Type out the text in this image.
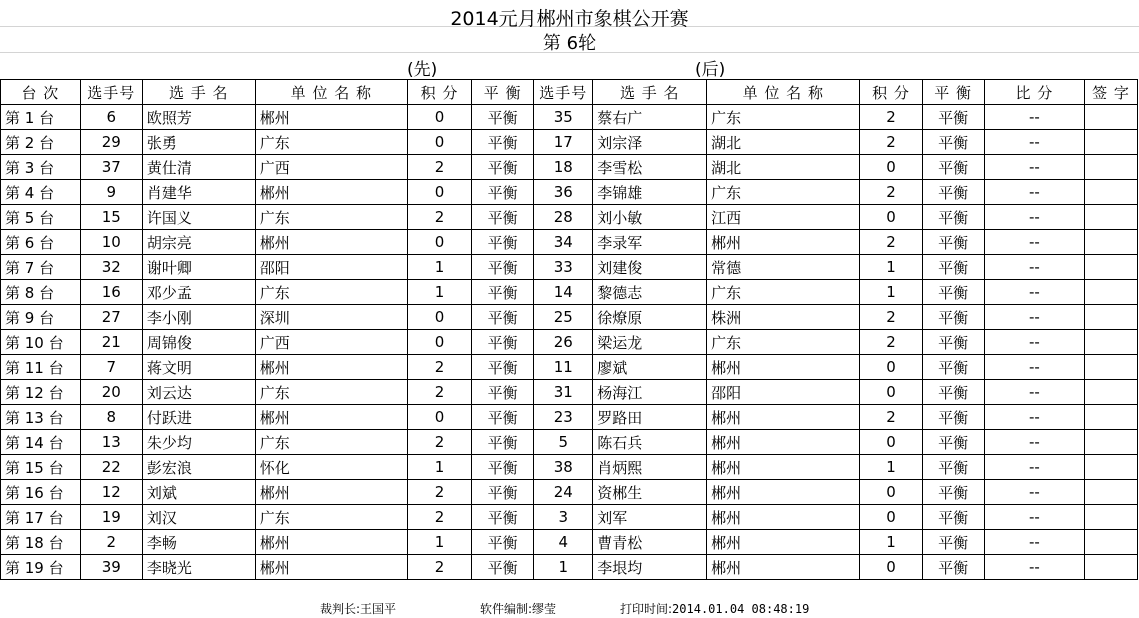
2014元月郴州市象棋公开赛
第 6轮
(先)	(后)
台 次	选手号	选 手 名	单 位 名 称	积 分	平 衡	选手号	选 手 名	单 位 名 称	积 分	平 衡	比 分	签 字
第 1 台	6	欧照芳	郴州	0	平衡	35	蔡右广	广东	2	平衡	--	
第 2 台	29	张勇	广东	0	平衡	17	刘宗泽	湖北	2	平衡	--	
第 3 台	37	黄仕清	广西	2	平衡	18	李雪松	湖北	0	平衡	--	
第 4 台	9	肖建华	郴州	0	平衡	36	李锦雄	广东	2	平衡	--	
第 5 台	15	许国义	广东	2	平衡	28	刘小敏	江西	0	平衡	--	
第 6 台	10	胡宗亮	郴州	0	平衡	34	李录军	郴州	2	平衡	--	
第 7 台	32	谢叶卿	邵阳	1	平衡	33	刘建俊	常德	1	平衡	--	
第 8 台	16	邓少孟	广东	1	平衡	14	黎德志	广东	1	平衡	--	
第 9 台	27	李小刚	深圳	0	平衡	25	徐燎原	株洲	2	平衡	--	
第 10 台	21	周锦俊	广西	0	平衡	26	梁运龙	广东	2	平衡	--	
第 11 台	7	蒋文明	郴州	2	平衡	11	廖斌	郴州	0	平衡	--	
第 12 台	20	刘云达	广东	2	平衡	31	杨海江	邵阳	0	平衡	--	
第 13 台	8	付跃进	郴州	0	平衡	23	罗路田	郴州	2	平衡	--	
第 14 台	13	朱少均	广东	2	平衡	5	陈石兵	郴州	0	平衡	--	
第 15 台	22	彭宏浪	怀化	1	平衡	38	肖炳熙	郴州	1	平衡	--	
第 16 台	12	刘斌	郴州	2	平衡	24	资郴生	郴州	0	平衡	--	
第 17 台	19	刘汉	广东	2	平衡	3	刘军	郴州	0	平衡	--	
第 18 台	2	李畅	郴州	1	平衡	4	曹青松	郴州	1	平衡	--	
第 19 台	39	李晓光	郴州	2	平衡	1	李垠均	郴州	0	平衡	--	
裁判长:王国平	软件编制:缪莹	打印时间:2014.01.04 08:48:19
